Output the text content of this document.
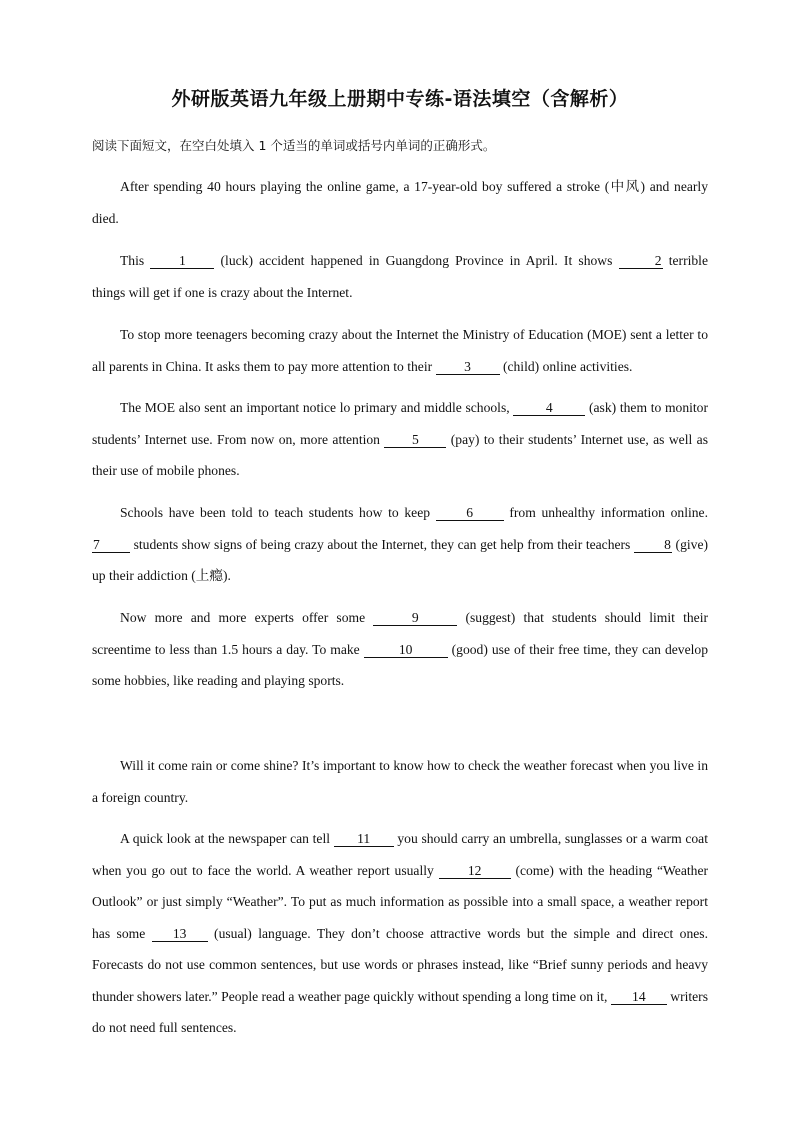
外研版英语九年级上册期中专练-语法填空（含解析）
阅读下面短文，在空白处填入 1 个适当的单词或括号内单词的正确形式。

After spending 40 hours playing the online game, a 17-year-old boy suffered a stroke (中风) and nearly died.

This 1 (luck) accident happened in Guangdong Province in April. It shows	2 terrible things will get if one is crazy about the Internet.

To stop more teenagers becoming crazy about the Internet the Ministry of Education (MOE) sent a letter to all parents in China. It asks them to pay more attention to their 3 (child) online activities.

The MOE also sent an important notice lo primary and middle schools, 4 (ask) them to monitor students’ Internet use. From now on, more attention 5 (pay) to their students’ Internet use, as well as their use of mobile phones.

Schools have been told to teach students how to keep 6 from unhealthy information online. 7 students show signs of being crazy about the Internet, they can get help from their teachers 8 (give) up their addiction (上瘾).

Now more and more experts offer some	9	(suggest) that students should limit their screentime to less than 1.5 hours a day. To make	10	(good) use of their free time, they can develop some hobbies, like reading and playing sports.

Will it come rain or come shine? It’s important to know how to check the weather forecast when you live in a foreign country.

A quick look at the newspaper can tell 11 you should carry an umbrella, sunglasses or a warm coat when you go out to face the world. A weather report usually 12 (come) with the heading “Weather Outlook” or just simply “Weather”. To put as much information as possible into a small space, a weather report has some 13 (usual) language. They don’t choose attractive words but the simple and direct ones. Forecasts do not use common sentences, but use words or phrases instead, like “Brief sunny periods and heavy thunder showers later.” People read a weather page quickly without spending a long time on it, 14 writers do not need full sentences.
